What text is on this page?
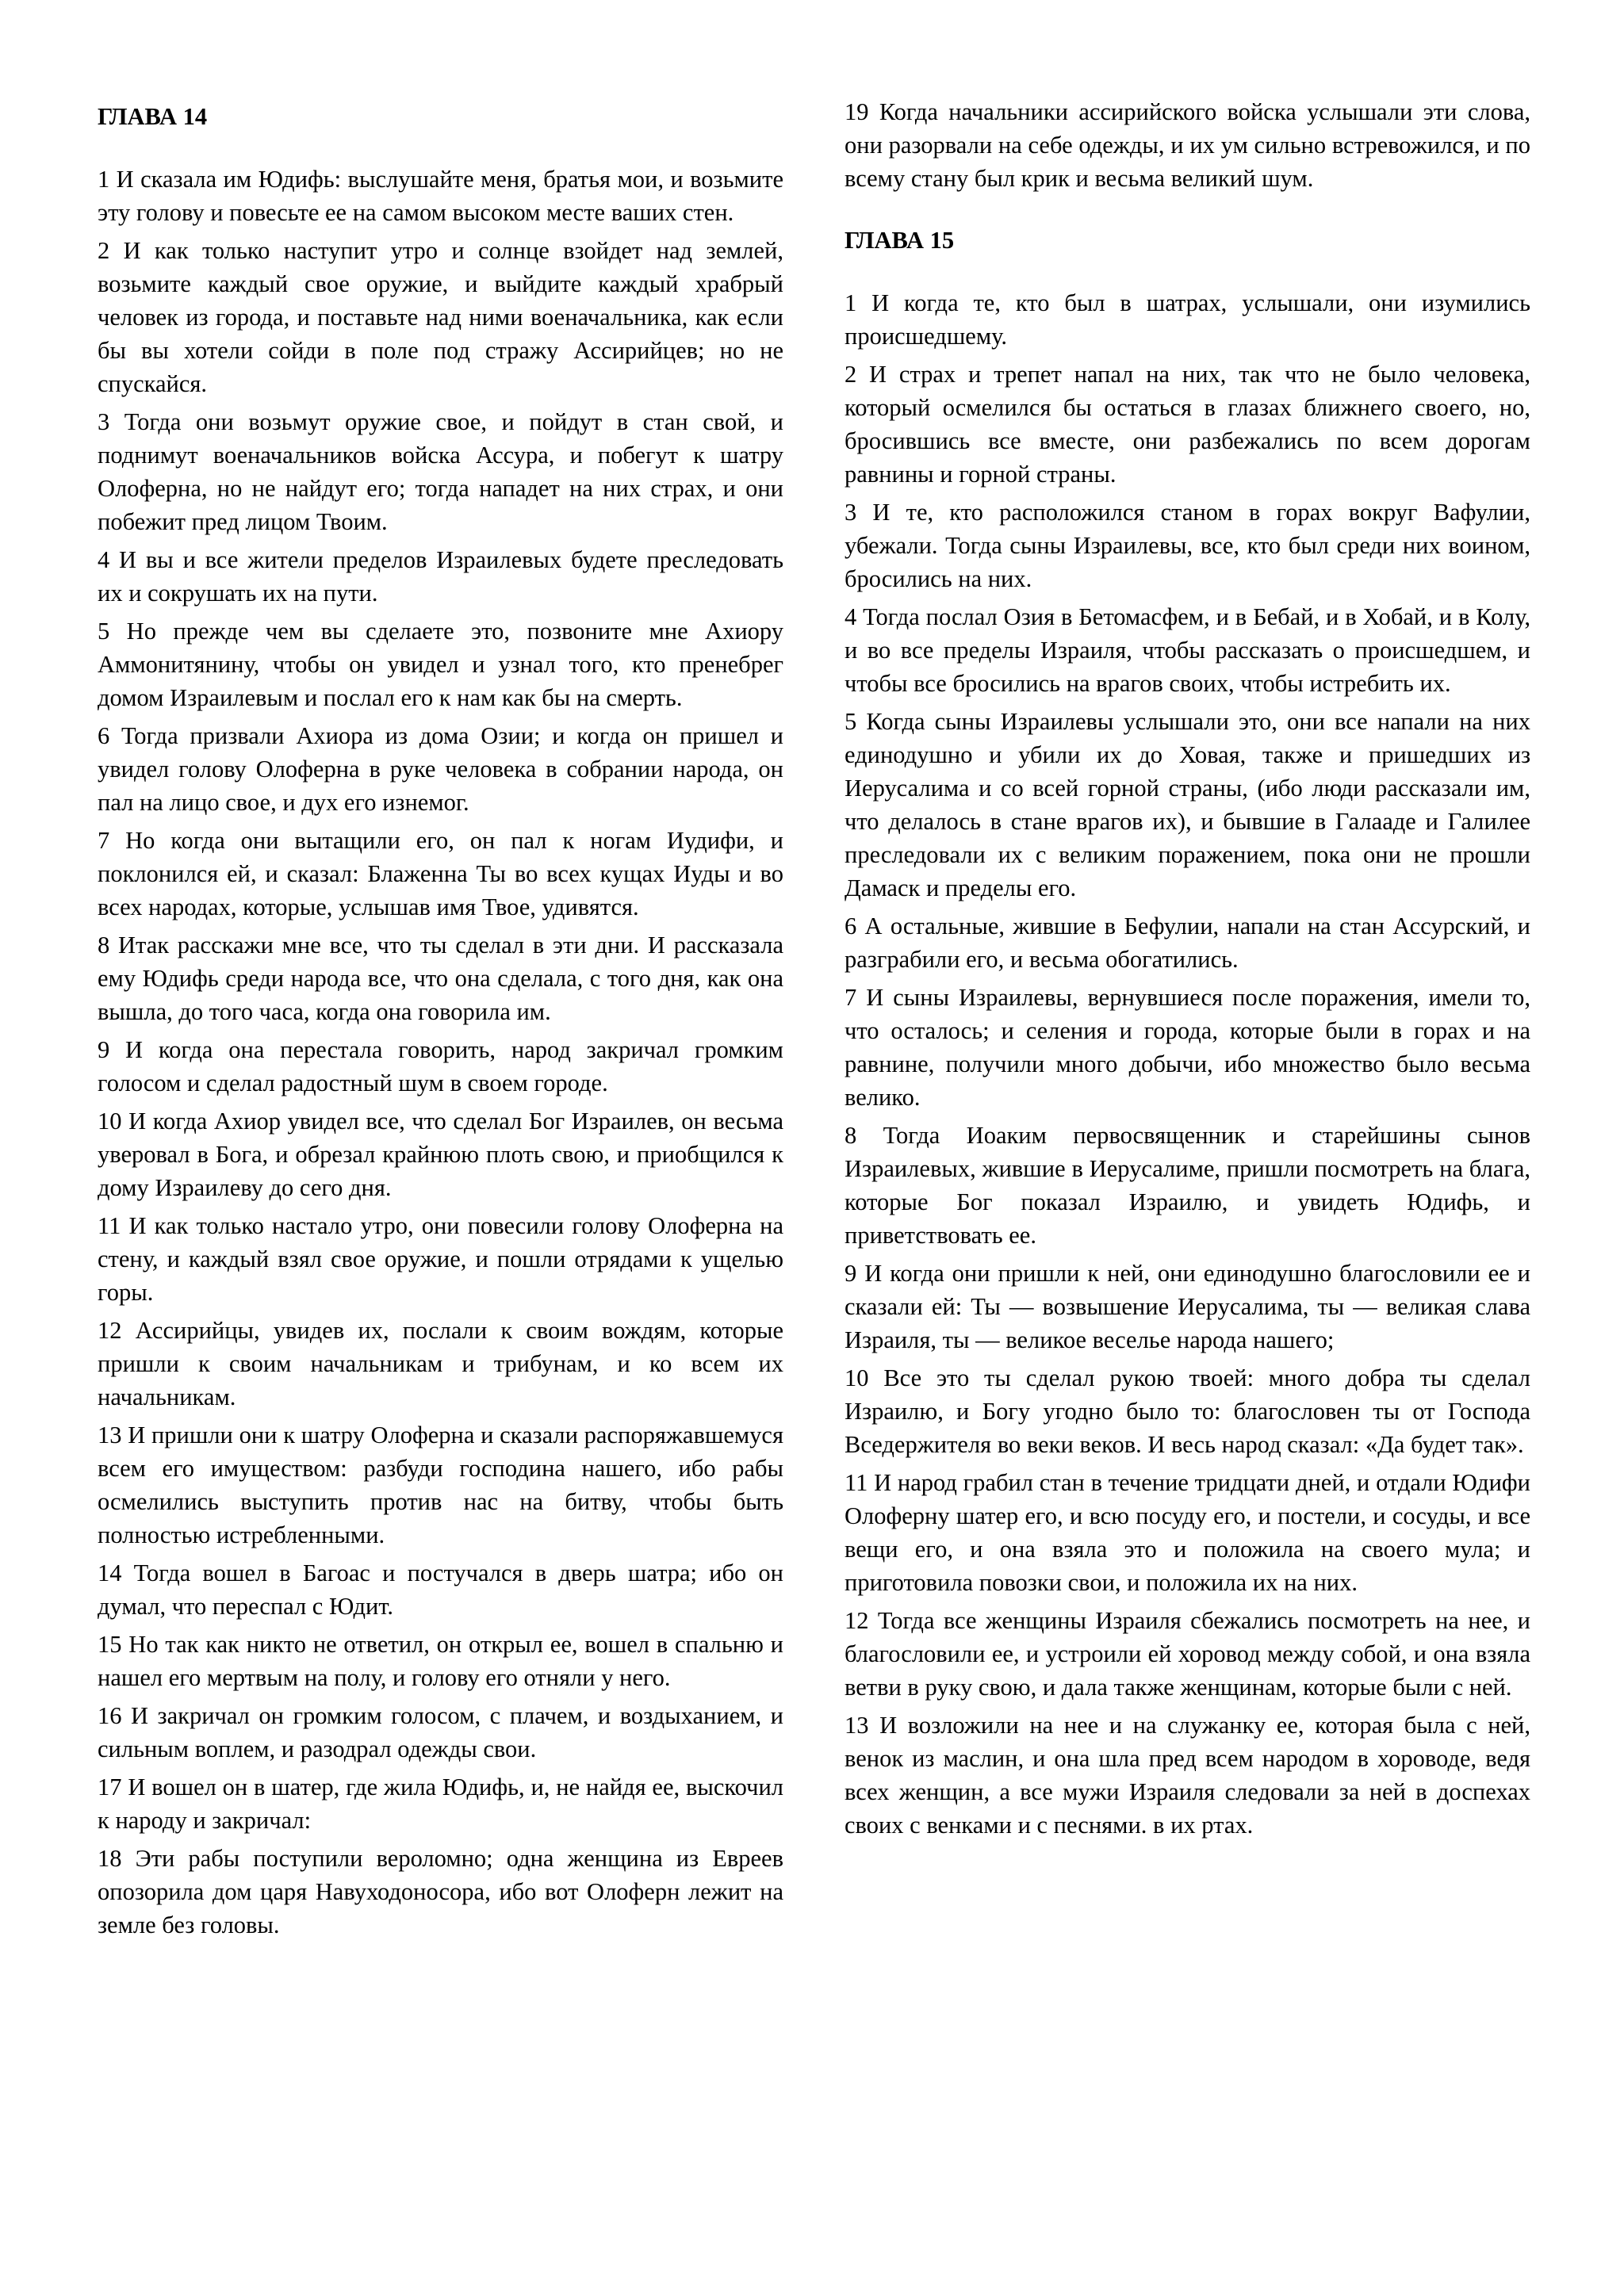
ГЛАВА 14

1 И сказала им Юдифь: выслушайте меня, братья мои, и возьмите эту голову и повесьте ее на самом высоком месте ваших стен.

2 И как только наступит утро и солнце взойдет над землей, возьмите каждый свое оружие, и выйдите каждый храбрый человек из города, и поставьте над ними военачальника, как если бы вы хотели сойди в поле под стражу Ассирийцев; но не спускайся.

3 Тогда они возьмут оружие свое, и пойдут в стан свой, и поднимут военачальников войска Ассура, и побегут к шатру Олоферна, но не найдут его; тогда нападет на них страх, и они побежит пред лицом Твоим.

4 И вы и все жители пределов Израилевых будете преследовать их и сокрушать их на пути.

5 Но прежде чем вы сделаете это, позвоните мне Ахиору Аммонитянину, чтобы он увидел и узнал того, кто пренебрег домом Израилевым и послал его к нам как бы на смерть.

6 Тогда призвали Ахиора из дома Озии; и когда он пришел и увидел голову Олоферна в руке человека в собрании народа, он пал на лицо свое, и дух его изнемог.

7 Но когда они вытащили его, он пал к ногам Иудифи, и поклонился ей, и сказал: Блаженна Ты во всех кущах Иуды и во всех народах, которые, услышав имя Твое, удивятся.

8 Итак расскажи мне все, что ты сделал в эти дни. И рассказала ему Юдифь среди народа все, что она сделала, с того дня, как она вышла, до того часа, когда она говорила им.

9 И когда она перестала говорить, народ закричал громким голосом и сделал радостный шум в своем городе.

10 И когда Ахиор увидел все, что сделал Бог Израилев, он весьма уверовал в Бога, и обрезал крайнюю плоть свою, и приобщился к дому Израилеву до сего дня.

11 И как только настало утро, они повесили голову Олоферна на стену, и каждый взял свое оружие, и пошли отрядами к ущелью горы.

12 Ассирийцы, увидев их, послали к своим вождям, которые пришли к своим начальникам и трибунам, и ко всем их начальникам.

13 И пришли они к шатру Олоферна и сказали распоряжавшемуся всем его имуществом: разбуди господина нашего, ибо рабы осмелились выступить против нас на битву, чтобы быть полностью истребленными.

14 Тогда вошел в Багоас и постучался в дверь шатра; ибо он думал, что переспал с Юдит.

15 Но так как никто не ответил, он открыл ее, вошел в спальню и нашел его мертвым на полу, и голову его отняли у него.

16 И закричал он громким голосом, с плачем, и воздыханием, и сильным воплем, и разодрал одежды свои.

17 И вошел он в шатер, где жила Юдифь, и, не найдя ее, выскочил к народу и закричал:

18 Эти рабы поступили вероломно; одна женщина из Евреев опозорила дом царя Навуходоносора, ибо вот Олоферн лежит на земле без головы.

19 Когда начальники ассирийского войска услышали эти слова, они разорвали на себе одежды, и их ум сильно встревожился, и по всему стану был крик и весьма великий шум.

ГЛАВА 15

1 И когда те, кто был в шатрах, услышали, они изумились происшедшему.

2 И страх и трепет напал на них, так что не было человека, который осмелился бы остаться в глазах ближнего своего, но, бросившись все вместе, они разбежались по всем дорогам равнины и горной страны.

3 И те, кто расположился станом в горах вокруг Вафулии, убежали. Тогда сыны Израилевы, все, кто был среди них воином, бросились на них.

4 Тогда послал Озия в Бетомасфем, и в Бебай, и в Хобай, и в Колу, и во все пределы Израиля, чтобы рассказать о происшедшем, и чтобы все бросились на врагов своих, чтобы истребить их.

5 Когда сыны Израилевы услышали это, они все напали на них единодушно и убили их до Ховая, также и пришедших из Иерусалима и со всей горной страны, (ибо люди рассказали им, что делалось в стане врагов их), и бывшие в Галааде и Галилее преследовали их с великим поражением, пока они не прошли Дамаск и пределы его.

6 А остальные, жившие в Бефулии, напали на стан Ассурский, и разграбили его, и весьма обогатились.

7 И сыны Израилевы, вернувшиеся после поражения, имели то, что осталось; и селения и города, которые были в горах и на равнине, получили много добычи, ибо множество было весьма велико.

8 Тогда Иоаким первосвященник и старейшины сынов Израилевых, жившие в Иерусалиме, пришли посмотреть на блага, которые Бог показал Израилю, и увидеть Юдифь, и приветствовать ее.

9 И когда они пришли к ней, они единодушно благословили ее и сказали ей: Ты — возвышение Иерусалима, ты — великая слава Израиля, ты — великое веселье народа нашего;

10 Все это ты сделал рукою твоей: много добра ты сделал Израилю, и Богу угодно было то: благословен ты от Господа Вседержителя во веки веков. И весь народ сказал: «Да будет так».

11 И народ грабил стан в течение тридцати дней, и отдали Юдифи Олоферну шатер его, и всю посуду его, и постели, и сосуды, и все вещи его, и она взяла это и положила на своего мула; и приготовила повозки свои, и положила их на них.

12 Тогда все женщины Израиля сбежались посмотреть на нее, и благословили ее, и устроили ей хоровод между собой, и она взяла ветви в руку свою, и дала также женщинам, которые были с ней.

13 И возложили на нее и на служанку ее, которая была с ней, венок из маслин, и она шла пред всем народом в хороводе, ведя всех женщин, а все мужи Израиля следовали за ней в доспехах своих с венками и с песнями. в их ртах.
